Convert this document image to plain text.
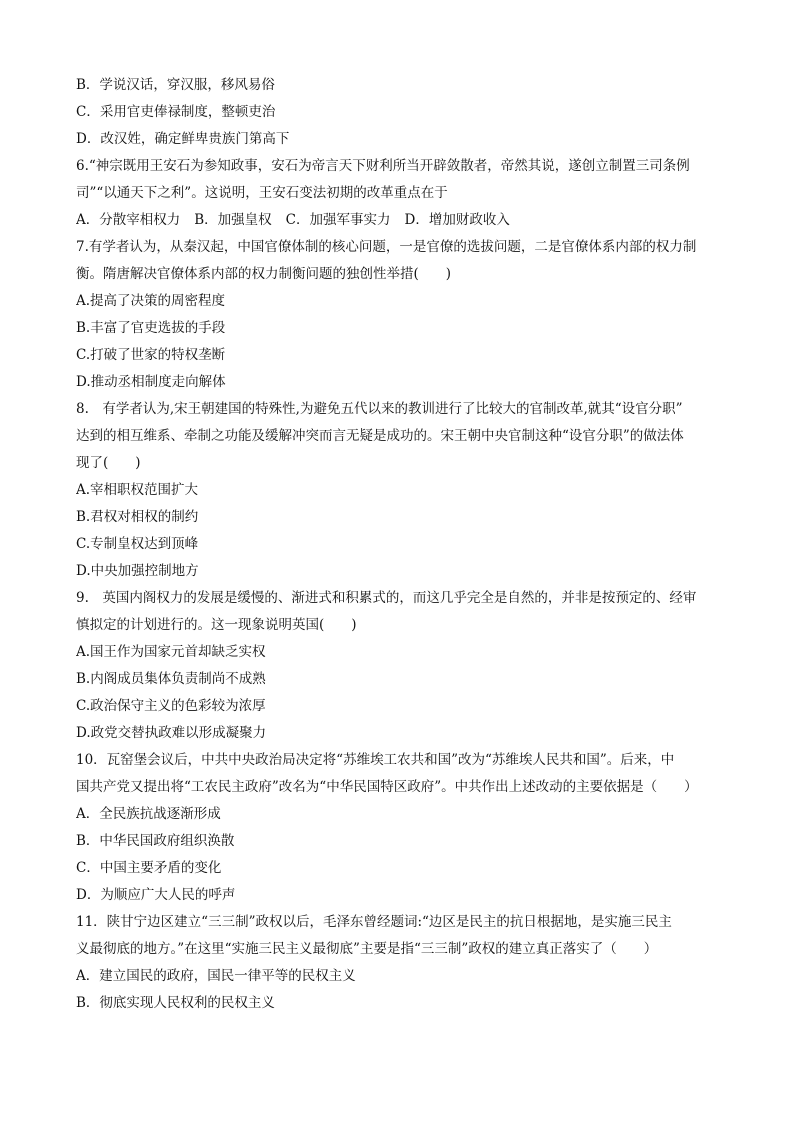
B．学说汉话，穿汉服，移风易俗
C．采用官吏俸禄制度，整顿吏治
D．改汉姓，确定鲜卑贵族门第高下
6.“神宗既用王安石为参知政事，安石为帝言天下财利所当开辟敛散者，帝然其说，遂创立制置三司条例
司”“以通天下之利”。这说明，王安石变法初期的改革重点在于
A．分散宰相权力 B．加强皇权 C．加强军事实力 D．增加财政收入
7.有学者认为，从秦汉起，中国官僚体制的核心问题，一是官僚的选拔问题，二是官僚体系内部的权力制
衡。隋唐解决官僚体系内部的权力制衡问题的独创性举措(　　)
A.提高了决策的周密程度
B.丰富了官吏选拔的手段
C.打破了世家的特权垄断
D.推动丞相制度走向解体
8.　有学者认为,宋王朝建国的特殊性,为避免五代以来的教训进行了比较大的官制改革,就其“设官分职”
达到的相互维系、牵制之功能及缓解冲突而言无疑是成功的。宋王朝中央官制这种“设官分职”的做法体
现了(　　)
A.宰相职权范围扩大
B.君权对相权的制约
C.专制皇权达到顶峰
D.中央加强控制地方
9.　英国内阁权力的发展是缓慢的、渐进式和积累式的，而这几乎完全是自然的，并非是按预定的、经审
慎拟定的计划进行的。这一现象说明英国(　　)
A.国王作为国家元首却缺乏实权
B.内阁成员集体负责制尚不成熟
C.政治保守主义的色彩较为浓厚
D.政党交替执政难以形成凝聚力
10．瓦窑堡会议后，中共中央政治局决定将“苏维埃工农共和国”改为“苏维埃人民共和国”。后来，中
国共产党又提出将“工农民主政府”改名为“中华民国特区政府”。中共作出上述改动的主要依据是（　　）
A．全民族抗战逐渐形成
B．中华民国政府组织涣散
C．中国主要矛盾的变化
D．为顺应广大人民的呼声
11．陕甘宁边区建立“三三制”政权以后，毛泽东曾经题词:“边区是民主的抗日根据地，是实施三民主
义最彻底的地方。”在这里“实施三民主义最彻底”主要是指“三三制”政权的建立真正落实了（　　）
A．建立国民的政府，国民一律平等的民权主义
B．彻底实现人民权利的民权主义
